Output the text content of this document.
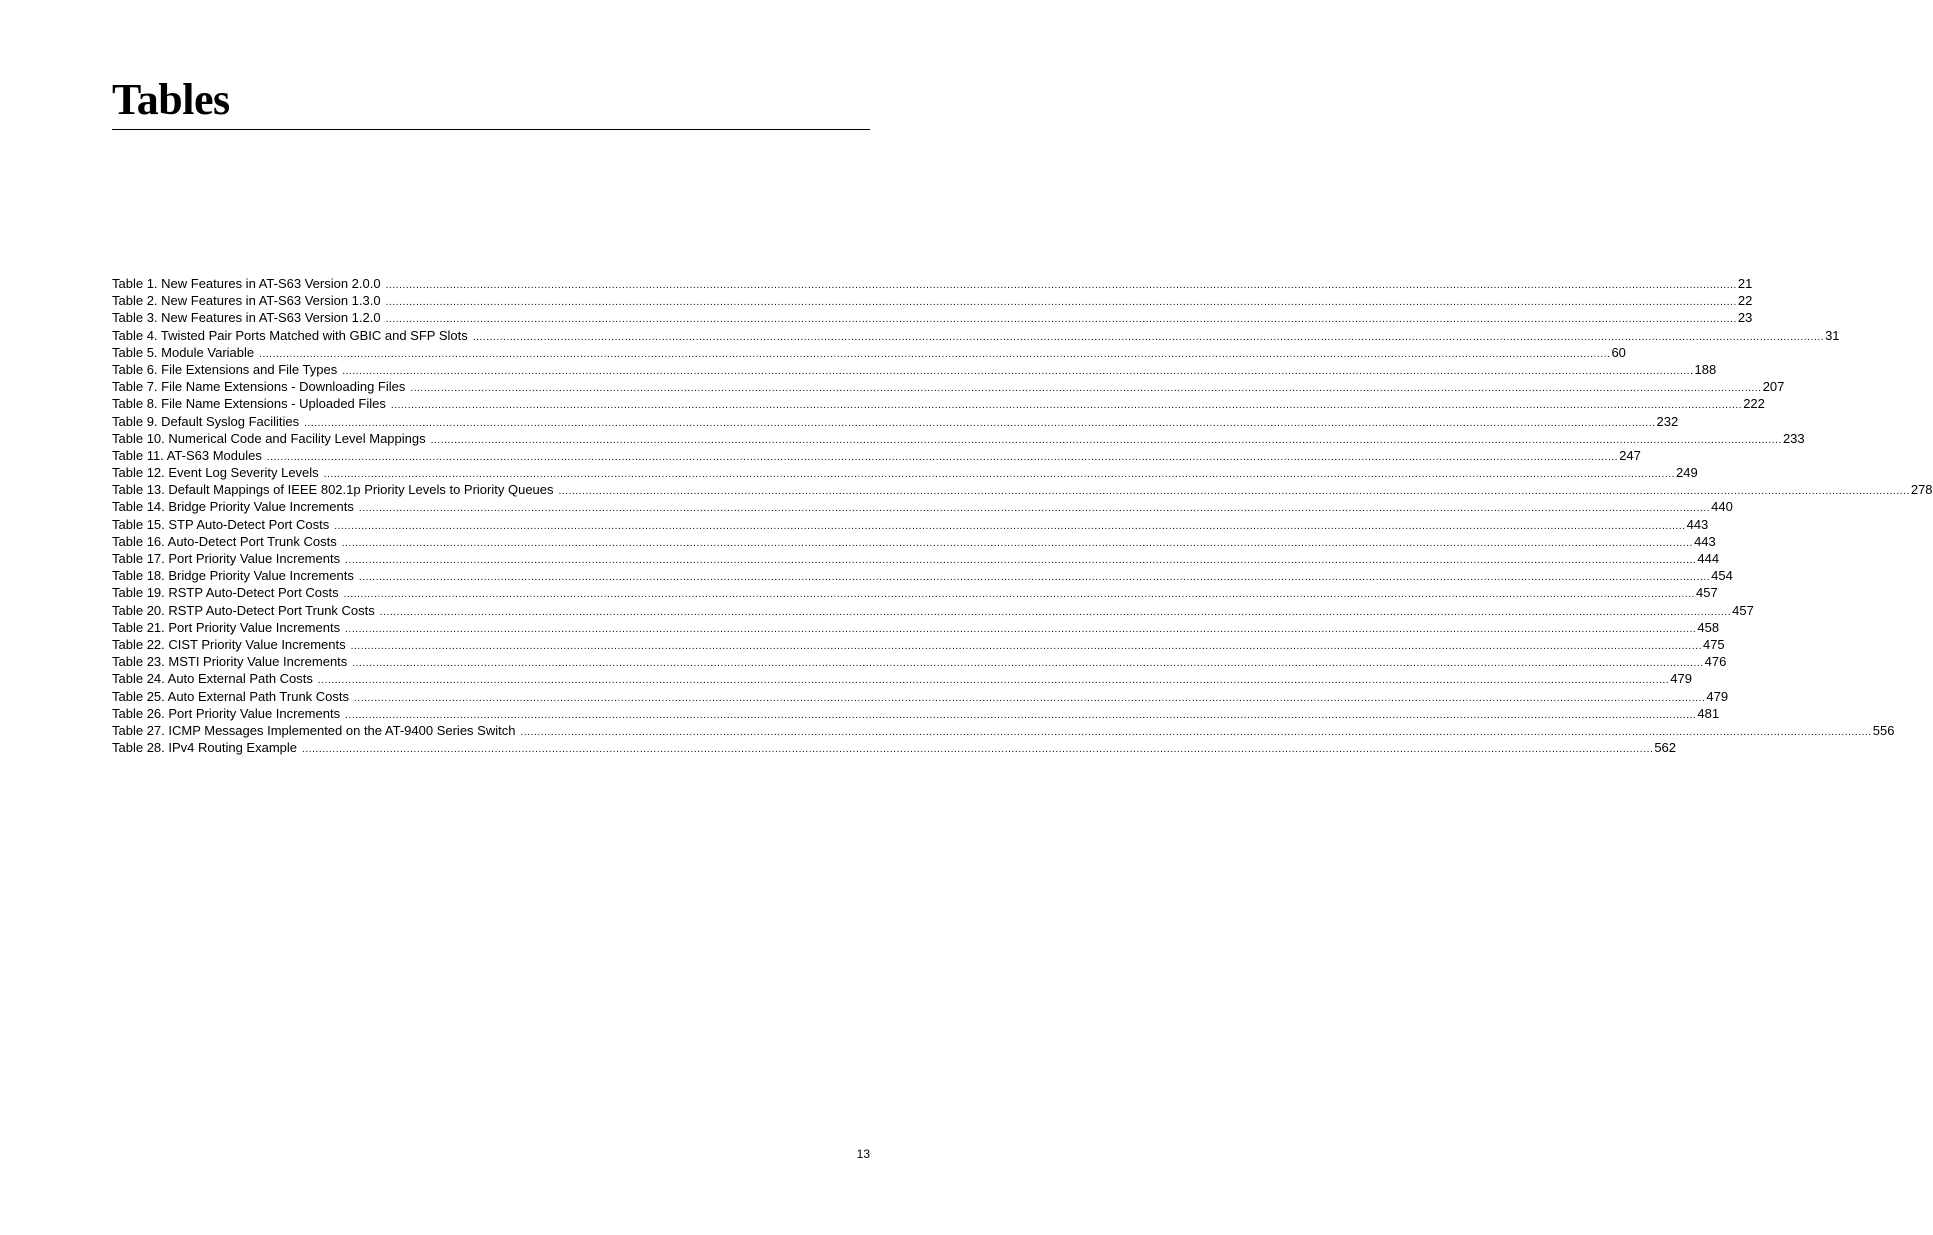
Tables
Table 1. New Features in AT-S63 Version 2.0.0 ................................................................................................................................................................................................................................................................................................................................................................................................................ 21
Table 2. New Features in AT-S63 Version 1.3.0 ................................................................................................................................................................................................................................................................................................................................................................................................................ 22
Table 3. New Features in AT-S63 Version 1.2.0 ................................................................................................................................................................................................................................................................................................................................................................................................................ 23
Table 4. Twisted Pair Ports Matched with GBIC and SFP Slots ................................................................................................................................................................................................................................................................................................................................................................................................................ 31
Table 5. Module Variable ................................................................................................................................................................................................................................................................................................................................................................................................................ 60
Table 6. File Extensions and File Types ................................................................................................................................................................................................................................................................................................................................................................................................................ 188
Table 7. File Name Extensions - Downloading Files ................................................................................................................................................................................................................................................................................................................................................................................................................ 207
Table 8. File Name Extensions - Uploaded Files ................................................................................................................................................................................................................................................................................................................................................................................................................ 222
Table 9. Default Syslog Facilities ................................................................................................................................................................................................................................................................................................................................................................................................................ 232
Table 10. Numerical Code and Facility Level Mappings ................................................................................................................................................................................................................................................................................................................................................................................................................ 233
Table 11. AT-S63 Modules ................................................................................................................................................................................................................................................................................................................................................................................................................ 247
Table 12. Event Log Severity Levels ................................................................................................................................................................................................................................................................................................................................................................................................................ 249
Table 13. Default Mappings of IEEE 802.1p Priority Levels to Priority Queues ................................................................................................................................................................................................................................................................................................................................................................................................................ 278
Table 14. Bridge Priority Value Increments ................................................................................................................................................................................................................................................................................................................................................................................................................ 440
Table 15. STP Auto-Detect Port Costs ................................................................................................................................................................................................................................................................................................................................................................................................................ 443
Table 16. Auto-Detect Port Trunk Costs ................................................................................................................................................................................................................................................................................................................................................................................................................ 443
Table 17. Port Priority Value Increments ................................................................................................................................................................................................................................................................................................................................................................................................................ 444
Table 18. Bridge Priority Value Increments ................................................................................................................................................................................................................................................................................................................................................................................................................ 454
Table 19. RSTP Auto-Detect Port Costs ................................................................................................................................................................................................................................................................................................................................................................................................................ 457
Table 20. RSTP Auto-Detect Port Trunk Costs ................................................................................................................................................................................................................................................................................................................................................................................................................ 457
Table 21. Port Priority Value Increments ................................................................................................................................................................................................................................................................................................................................................................................................................ 458
Table 22. CIST Priority Value Increments ................................................................................................................................................................................................................................................................................................................................................................................................................ 475
Table 23. MSTI Priority Value Increments ................................................................................................................................................................................................................................................................................................................................................................................................................ 476
Table 24. Auto External Path Costs ................................................................................................................................................................................................................................................................................................................................................................................................................ 479
Table 25. Auto External Path Trunk Costs ................................................................................................................................................................................................................................................................................................................................................................................................................ 479
Table 26. Port Priority Value Increments ................................................................................................................................................................................................................................................................................................................................................................................................................ 481
Table 27. ICMP Messages Implemented on the AT-9400 Series Switch ................................................................................................................................................................................................................................................................................................................................................................................................................ 556
Table 28. IPv4 Routing Example ................................................................................................................................................................................................................................................................................................................................................................................................................ 562
13
